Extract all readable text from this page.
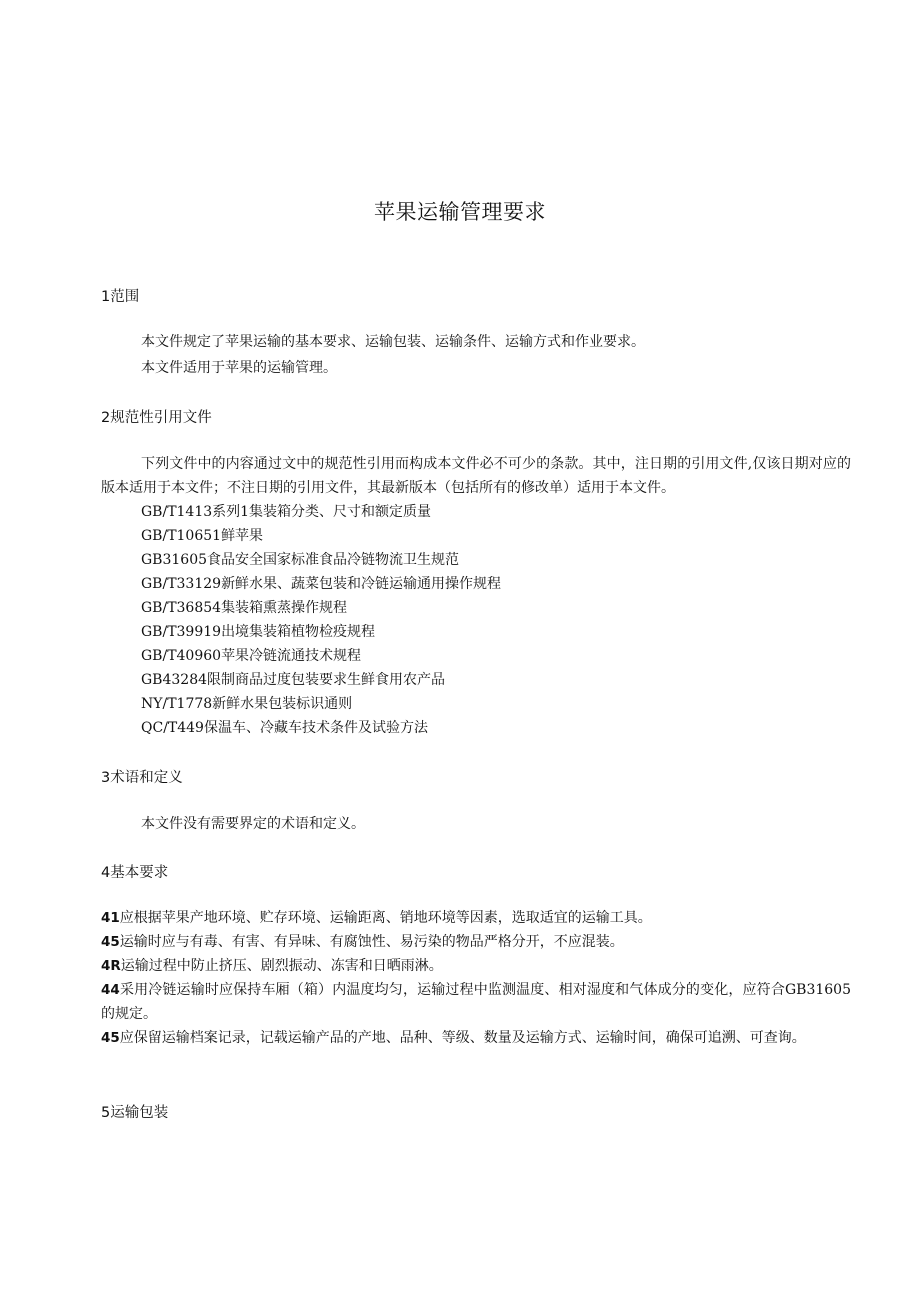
苹果运输管理要求
1范围
本文件规定了苹果运输的基本要求、运输包装、运输条件、运输方式和作业要求。
本文件适用于苹果的运输管理。
2规范性引用文件
下列文件中的内容通过文中的规范性引用而构成本文件必不可少的条款。其中，注日期的引用文件,仅该日期对应的版本适用于本文件；不注日期的引用文件，其最新版本（包括所有的修改单）适用于本文件。
GB/T1413系列1集装箱分类、尺寸和额定质量
GB/T10651鲜苹果
GB31605食品安全国家标准食品冷链物流卫生规范
GB/T33129新鲜水果、蔬菜包装和冷链运输通用操作规程
GB/T36854集装箱熏蒸操作规程
GB/T39919出境集装箱植物检疫规程
GB/T40960苹果冷链流通技术规程
GB43284限制商品过度包装要求生鲜食用农产品
NY/T1778新鲜水果包装标识通则
QC/T449保温车、冷藏车技术条件及试验方法
3术语和定义
本文件没有需要界定的术语和定义。
4基本要求
41应根据苹果产地环境、贮存环境、运输距离、销地环境等因素，选取适宜的运输工具。
45运输时应与有毒、有害、有异味、有腐蚀性、易污染的物品严格分开，不应混装。
4R运输过程中防止挤压、剧烈振动、冻害和日晒雨淋。
44采用冷链运输时应保持车厢（箱）内温度均匀，运输过程中监测温度、相对湿度和气体成分的变化，应符合GB31605的规定。
45应保留运输档案记录，记载运输产品的产地、品种、等级、数量及运输方式、运输时间，确保可追溯、可查询。
5运输包装
